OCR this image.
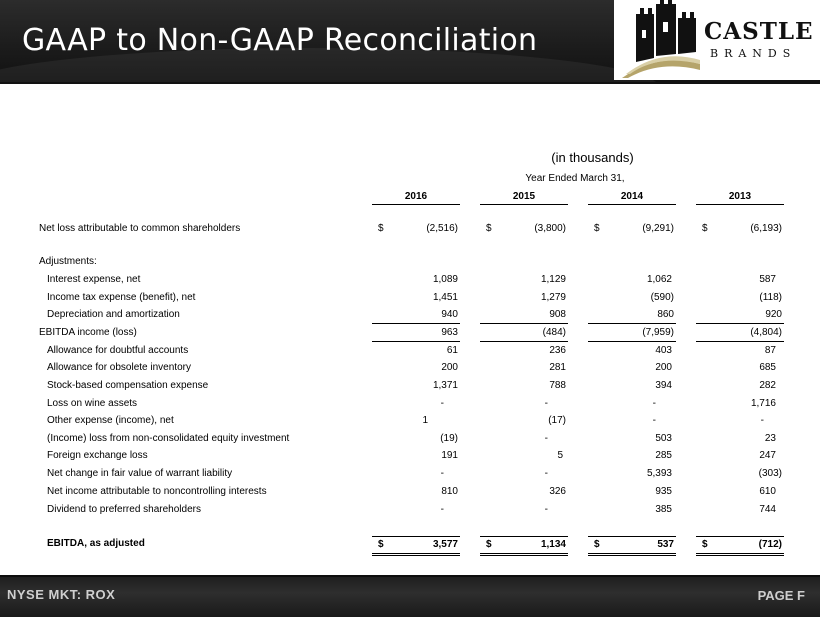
GAAP to Non-GAAP Reconciliation	CASTLE
BRANDS
(in thousands)
Year Ended March 31,
2016	2015	2014	2013
Net loss attributable to common shareholders	$	(2,516)	$	(3,800)	$	(9,291)	$	(6,193)
Adjustments:
Interest expense, net	1,089	1,129	1,062	587
Income tax expense (benefit), net	1,451	1,279	(590)	(118)
Depreciation and amortization	940	908	860	920
EBITDA income (loss)	963	(484)	(7,959)	(4,804)
Allowance for doubtful accounts	61	236	403	87
Allowance for obsolete inventory	200	281	200	685
Stock-based compensation expense	1,371	788	394	282
Loss on wine assets	-	-	-	1,716
Other expense (income), net	1	(17)	-	-
(Income) loss from non-consolidated equity investment	(19)	-	503	23
Foreign exchange loss	191	5	285	247
Net change in fair value of warrant liability	-	-	5,393	(303)
Net income attributable to noncontrolling interests	810	326	935	610
Dividend to preferred shareholders	-	-	385	744
EBITDA, as adjusted	$	3,577	$	1,134	$	537	$	(712)
NYSE MKT: ROX	PAGE F
